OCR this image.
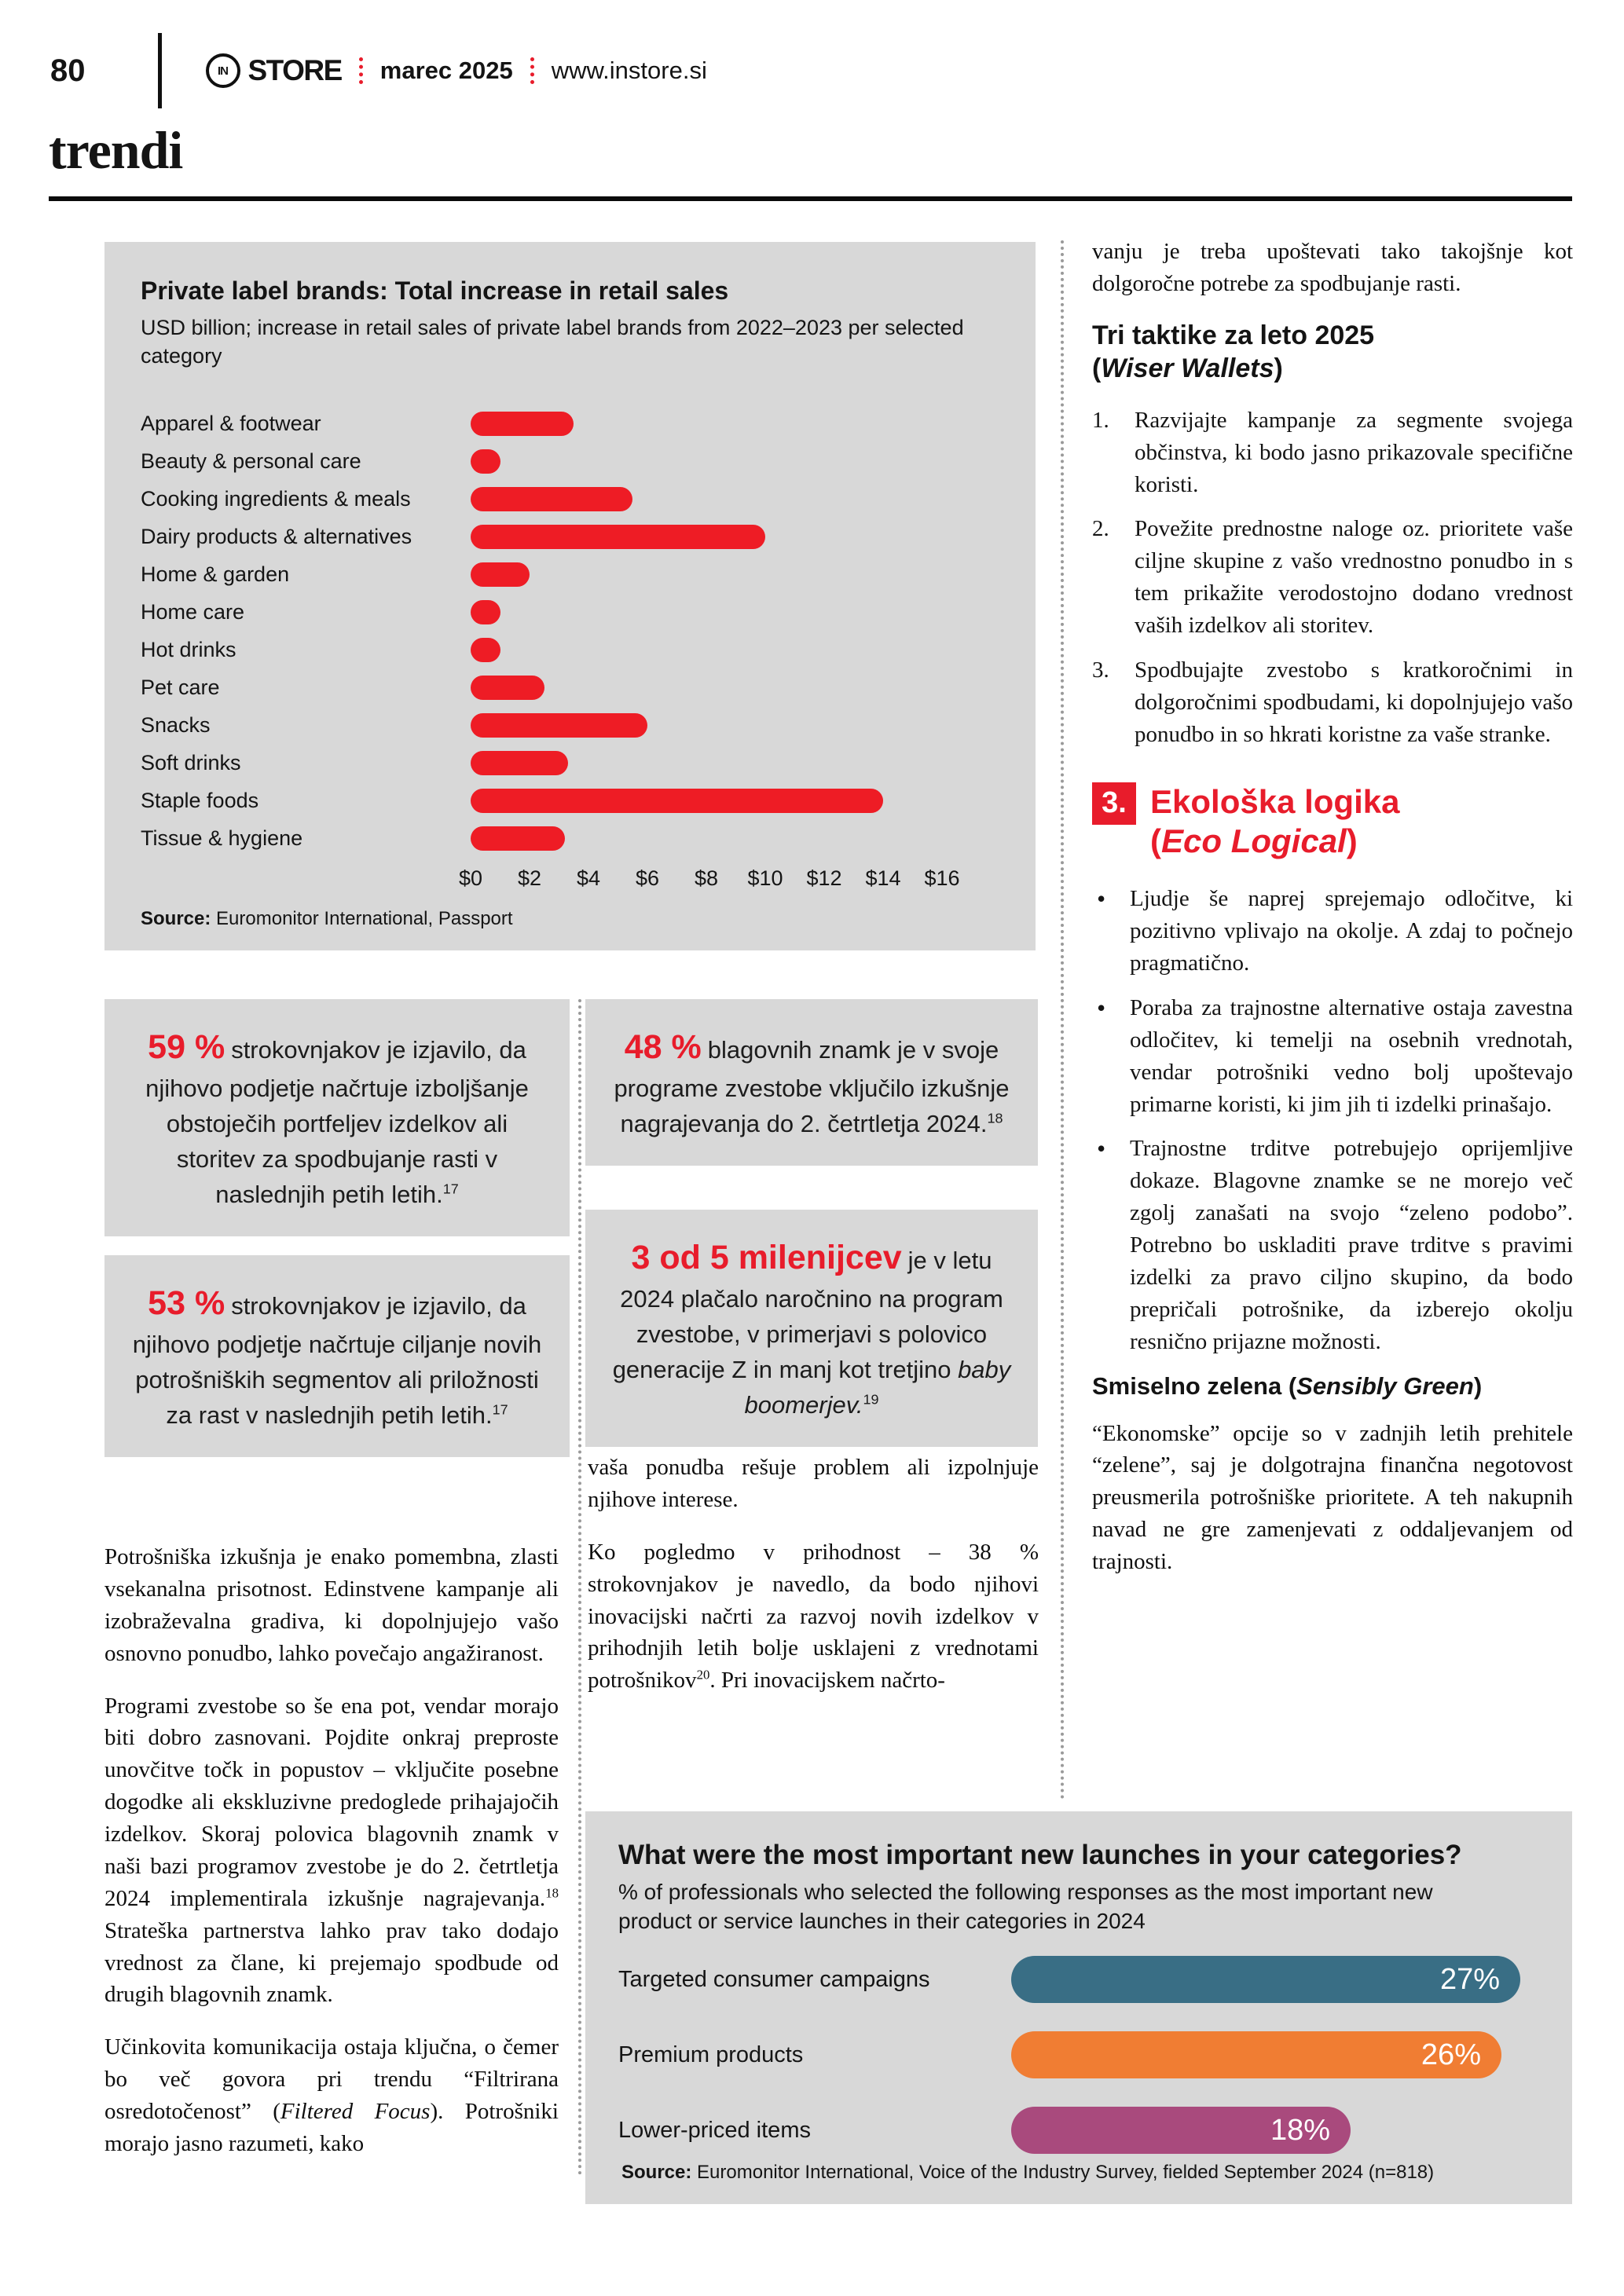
80	IN STORE marec 2025 www.instore.si
trendi
Private label brands: Total increase in retail sales
USD billion; increase in retail sales of private label brands from 2022–2023 per selected category
Apparel & footwear
Beauty & personal care
Cooking ingredients & meals
Dairy products & alternatives
Home & garden
Home care
Hot drinks
Pet care
Snacks
Soft drinks
Staple foods
Tissue & hygiene
$0 $2 $4 $6 $8 $10 $12 $14 $16
Source: Euromonitor International, Passport
59 % strokovnjakov je izjavilo, da njihovo podjetje načrtuje izboljšanje obstoječih portfeljev izdelkov ali storitev za spodbujanje rasti v naslednjih petih letih.$^{17}$
53 % strokovnjakov je izjavilo, da njihovo podjetje načrtuje ciljanje novih potrošniških segmentov ali priložnosti za rast v naslednjih petih letih.$^{17}$
48 % blagovnih znamk je v svoje programe zvestobe vključilo izkušnje nagrajevanja do 2. četrtletja 2024.18
3 od 5 milenijcev je v letu 2024 plačalo naročnino na program zvestobe, v primerjavi s polovico generacije Z in manj kot tretjino baby boomerjev.$^{19}$

Potrošniška izkušnja je enako pomembna, zlasti vsekanalna prisotnost. Edinstvene kampanje ali izobraževalna gradiva, ki dopolnjujejo vašo osnovno ponudbo, lahko povečajo angažiranost.

Programi zvestobe so še ena pot, vendar morajo biti dobro zasnovani. Pojdite onkraj preproste unovčitve točk in popustov – vključite posebne dogodke ali ekskluzivne predoglede prihajajočih izdelkov. Skoraj polovica blagovnih znamk v naši bazi programov zvestobe je do 2. četrtletja 2024 implementirala izkušnje nagrajevanja.$^{18}$ Strateška partnerstva lahko prav tako dodajo vrednost za člane, ki prejemajo spodbude od drugih blagovnih znamk.

Učinkovita komunikacija ostaja ključna, o čemer bo več govora pri trendu “Filtrirana osredotočenost” (Filtered Focus). Potrošniki morajo jasno razumeti, kako

vaša ponudba rešuje problem ali izpolnjuje njihove interese.

Ko pogledmo v prihodnost – 38 % strokovnjakov je navedlo, da bodo njihovi inovacijski načrti za razvoj novih izdelkov v prihodnjih letih bolje usklajeni z vrednotami potrošnikov$^{20}$. Pri inovacijskem načrto-

vanju je treba upoštevati tako takojšnje kot dolgoročne potrebe za spodbujanje rasti.

Tri taktike za leto 2025
(Wiser Wallets)
1. Razvijajte kampanje za segmente svojega občinstva, ki bodo jasno prikazovale specifične koristi.
2. Povežite prednostne naloge oz. prioritete vaše ciljne skupine z vašo vrednostno ponudbo in s tem prikažite verodostojno dodano vrednost vaših izdelkov ali storitev.
3. Spodbujajte zvestobo s kratkoročnimi in dolgoročnimi spodbudami, ki dopolnjujejo vašo ponudbo in so hkrati koristne za vaše stranke.
3. Ekološka logika
(Eco Logical)
• Ljudje še naprej sprejemajo odločitve, ki pozitivno vplivajo na okolje. A zdaj to počnejo pragmatično.
• Poraba za trajnostne alternative ostaja zavestna odločitev, ki temelji na osebnih vrednotah, vendar potrošniki vedno bolj upoštevajo primarne koristi, ki jim jih ti izdelki prinašajo.
• Trajnostne trditve potrebujejo oprijemljive dokaze. Blagovne znamke se ne morejo več zgolj zanašati na svojo “zeleno podobo”. Potrebno bo uskladiti prave trditve s pravimi izdelki za pravo ciljno skupino, da bodo prepričali potrošnike, da izberejo okolju resnično prijazne možnosti.
Smiselno zelena (Sensibly Green)

“Ekonomske” opcije so v zadnjih letih prehitele “zelene”, saj je dolgotrajna finančna negotovost preusmerila potrošniške prioritete. A teh nakupnih navad ne gre zamenjevati z oddaljevanjem od trajnosti.

What were the most important new launches in your categories?
% of professionals who selected the following responses as the most important new product or service launches in their categories in 2024
Targeted consumer campaigns	27%
Premium products	26%
Lower-priced items	18%
Source: Euromonitor International, Voice of the Industry Survey, fielded September 2024 (n=818)
